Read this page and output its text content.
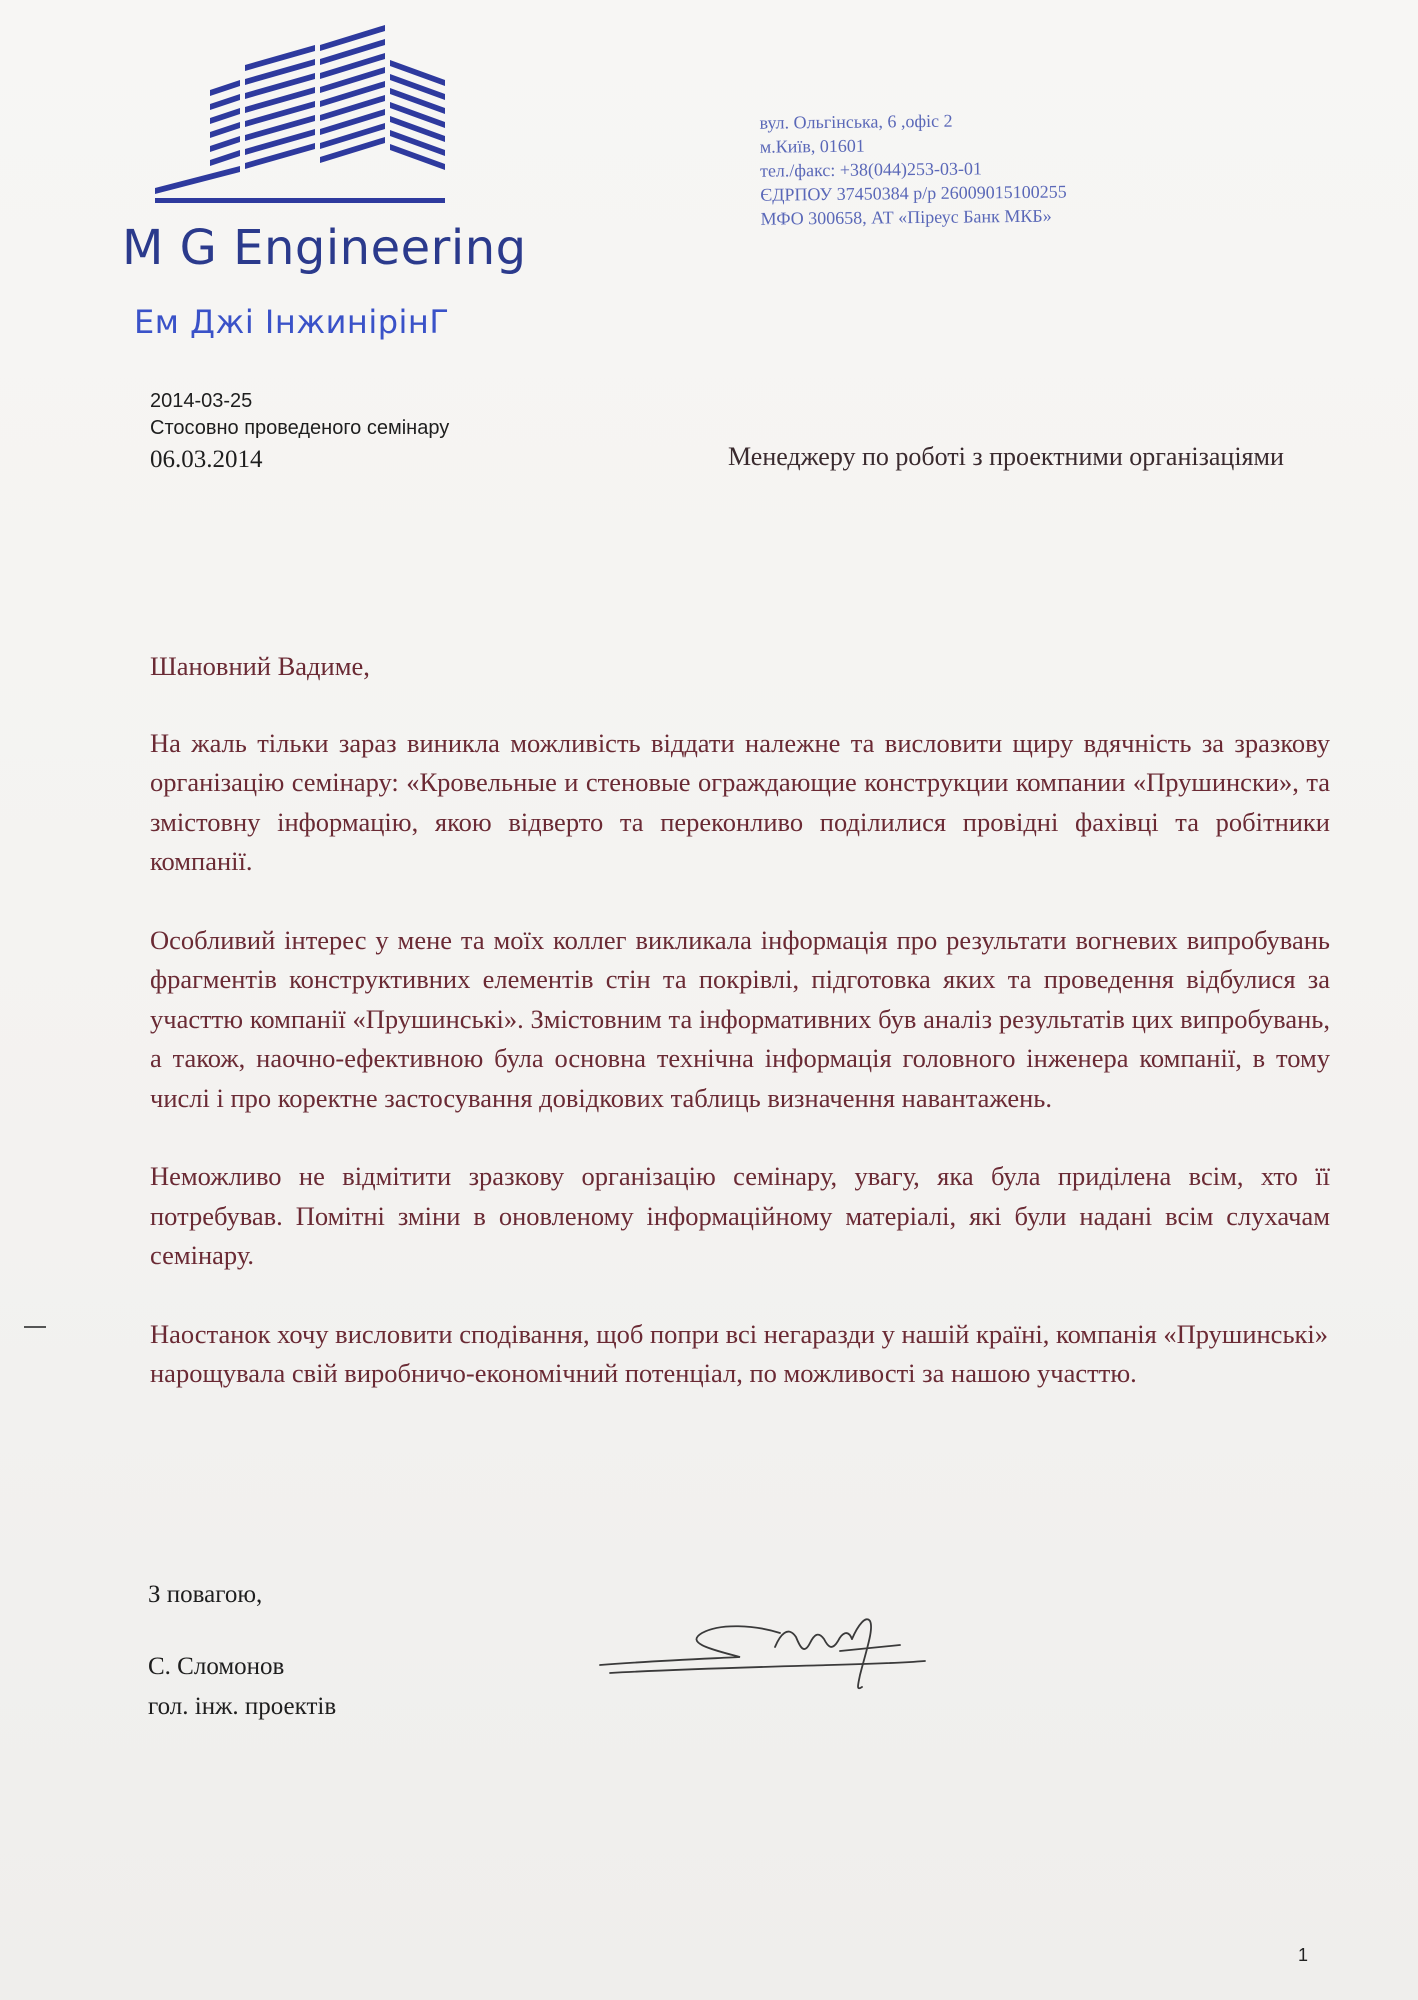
M G Engineering
Ем Джі ІнжинірінГ
вул. Ольгінська, 6 ,офіс 2
м.Київ, 01601
тел./факс: +38(044)253-03-01
ЄДРПОУ 37450384 р/р 26009015100255
МФО 300658, АТ «Піреус Банк МКБ»
2014-03-25
Стосовно проведеного семінару
06.03.2014	Менеджеру по роботі з проектними організаціями

Шановний Вадиме,

На жаль тільки зараз виникла можливість віддати належне та висловити щиру вдячність за зразкову організацію семінару: «Кровельные и стеновые ограждающие конструкции компании «Прушински», та змістовну інформацію, якою відверто та переконливо поділилися провідні фахівці та робітники компанії.

Особливий інтерес у мене та моїх коллег викликала інформація про результати вогневих випробувань фрагментів конструктивних елементів стін та покрівлі, підготовка яких та проведення відбулися за участтю компанії «Прушинські». Змістовним та інформативних був аналіз результатів цих випробувань, а також, наочно-ефективною була основна технічна інформація головного інженера компанії, в тому числі і про коректне застосування довідкових таблиць визначення навантажень.

Неможливо не відмітити зразкову організацію семінару, увагу, яка була приділена всім, хто її потребував. Помітні зміни в оновленому інформаційному матеріалі, які були надані всім слухачам семінару.

Наостанок хочу висловити сподівання, щоб попри всі негаразди у нашій країні, компанія «Прушинські» нарощувала свій виробничо-економічний потенціал, по можливості за нашою участтю.

З повагою,

С. Сломонов
гол. інж. проектів
1
